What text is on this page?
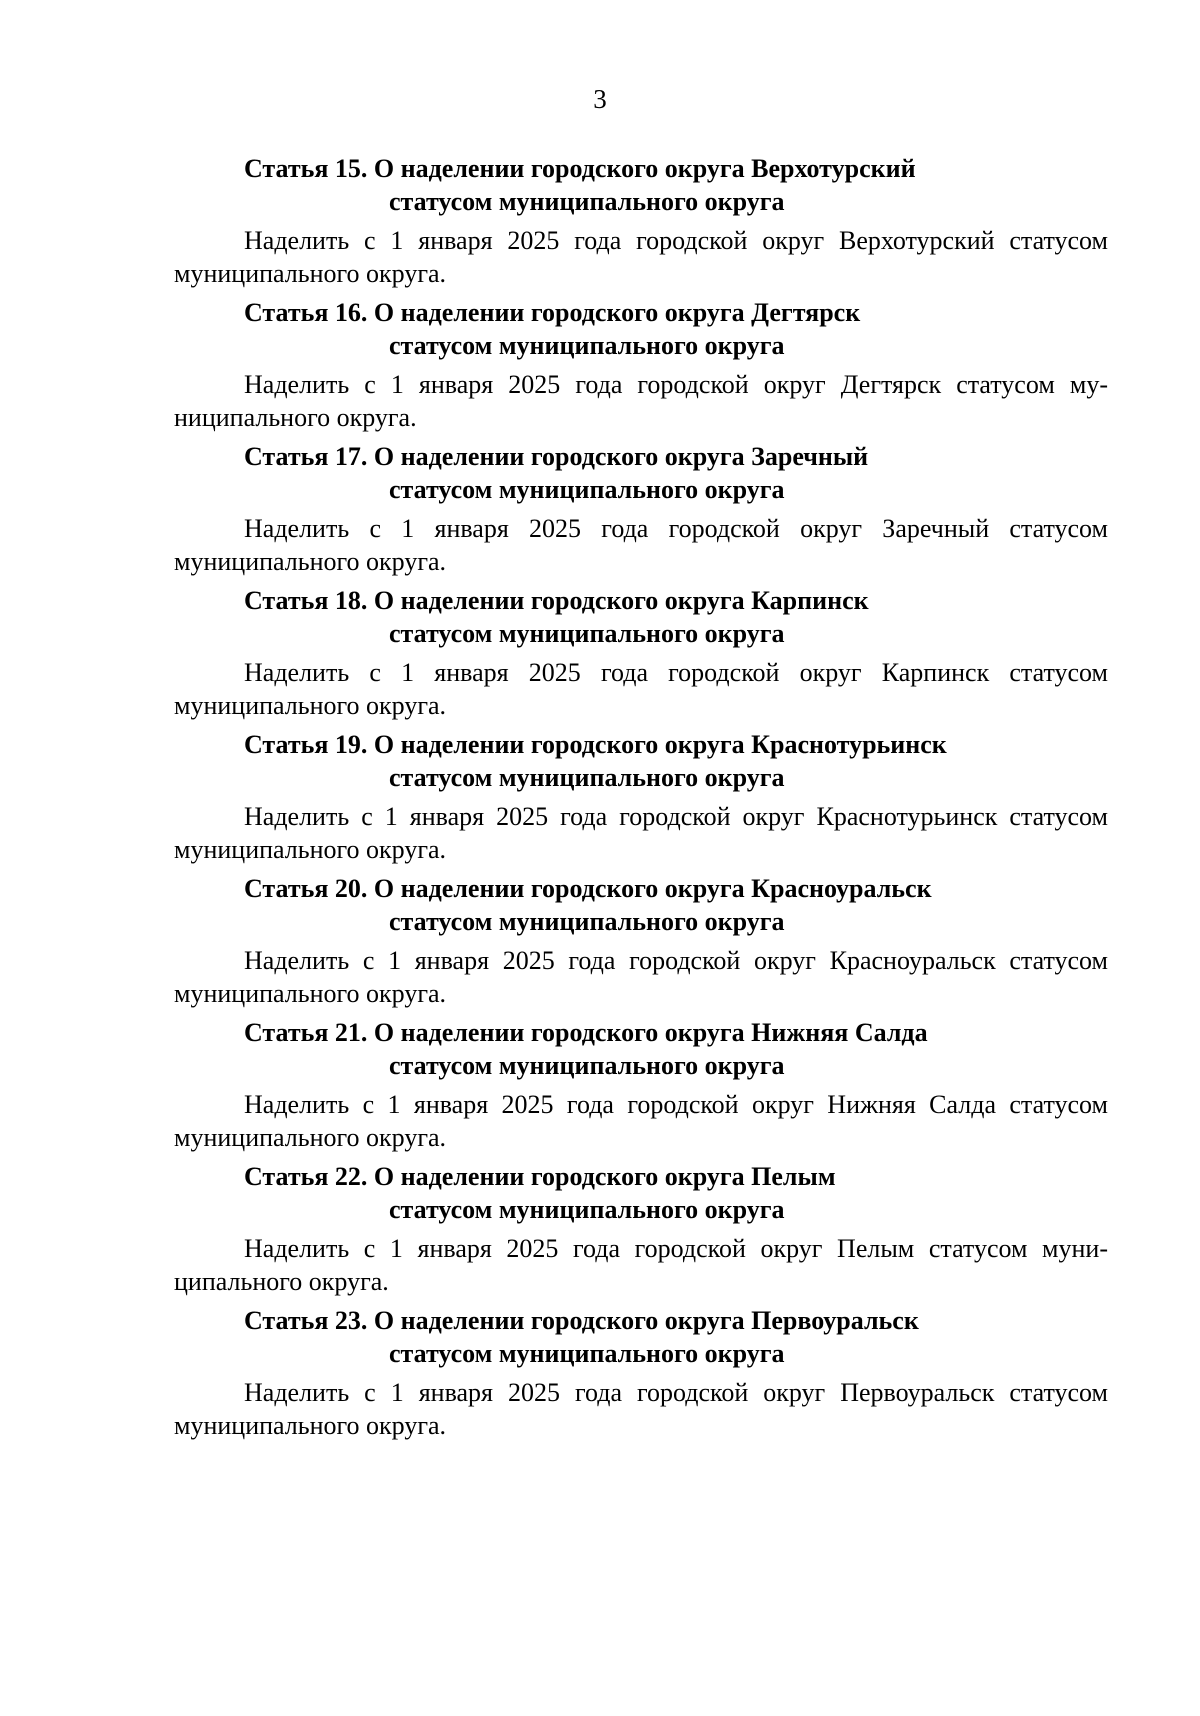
3

Статья 15. О наделении городского округа Верхотурский
статусом муниципального округа

Наделить с 1 января 2025 года городской округ Верхотурский статусом муниципального округа.

Статья 16. О наделении городского округа Дегтярск
статусом муниципального округа

Наделить с 1 января 2025 года городской округ Дегтярск статусом муниципального округа.

Статья 17. О наделении городского округа Заречный
статусом муниципального округа

Наделить с 1 января 2025 года городской округ Заречный статусом муниципального округа.

Статья 18. О наделении городского округа Карпинск
статусом муниципального округа

Наделить с 1 января 2025 года городской округ Карпинск статусом муниципального округа.

Статья 19. О наделении городского округа Краснотурьинск
статусом муниципального округа

Наделить с 1 января 2025 года городской округ Краснотурьинск статусом муниципального округа.

Статья 20. О наделении городского округа Красноуральск
статусом муниципального округа

Наделить с 1 января 2025 года городской округ Красноуральск статусом муниципального округа.

Статья 21. О наделении городского округа Нижняя Салда
статусом муниципального округа

Наделить с 1 января 2025 года городской округ Нижняя Салда статусом муниципального округа.

Статья 22. О наделении городского округа Пелым
статусом муниципального округа

Наделить с 1 января 2025 года городской округ Пелым статусом муниципального округа.

Статья 23. О наделении городского округа Первоуральск
статусом муниципального округа

Наделить с 1 января 2025 года городской округ Первоуральск статусом муниципального округа.
